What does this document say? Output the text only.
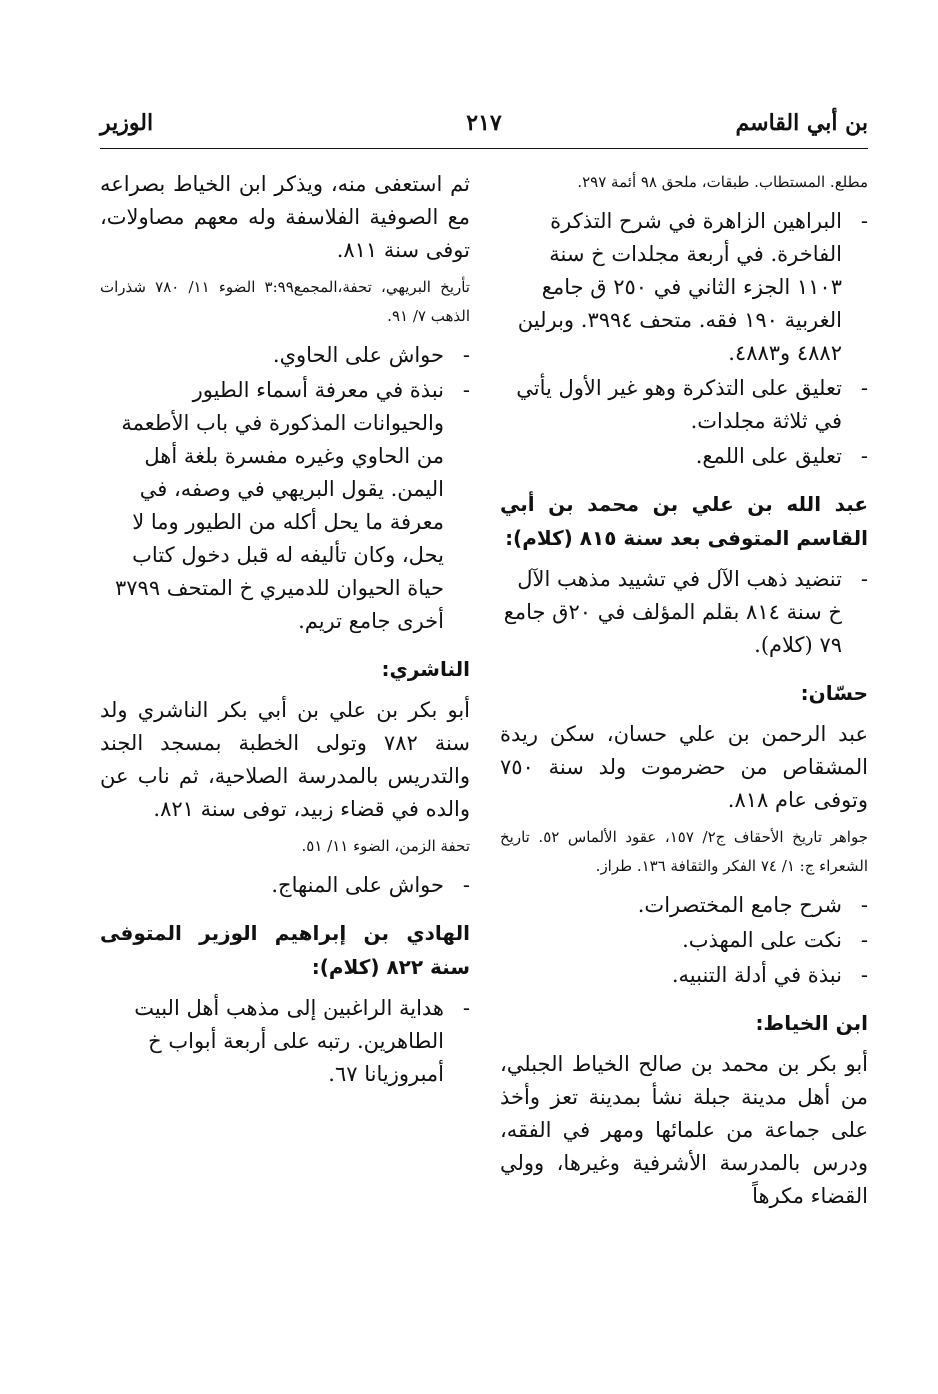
بن أبي القاسم
٢١٧
الوزير

مطلع. المستطاب. طبقات، ملحق ٩٨ أئمة ٢٩٧.

-
البراهين الزاهرة في شرح التذكرة الفاخرة. في أربعة مجلدات خ سنة ١١٠٣ الجزء الثاني في ٢٥٠ ق جامع الغربية ١٩٠ فقه. متحف ٣٩٩٤. وبرلين ٤٨٨٢ و٤٨٨٣.
-
تعليق على التذكرة وهو غير الأول يأتي في ثلاثة مجلدات.
-
تعليق على اللمع.
عبد الله بن علي بن محمد بن أبي القاسم المتوفى بعد سنة ٨١٥ (كلام):
-
تنضيد ذهب الآل في تشييد مذهب الآل خ سنة ٨١٤ بقلم المؤلف في ٢٠ق جامع ٧٩ (كلام).
حسّان:

عبد الرحمن بن علي حسان، سكن ريدة المشقاص من حضرموت ولد سنة ٧٥٠ وتوفى عام ٨١٨.

جواهر تاريخ الأحقاف ج٢/ ١٥٧، عقود الألماس ٥٢. تاريخ الشعراء ج: ١/ ٧٤ الفكر والثقافة ١٣٦. طراز.

-
شرح جامع المختصرات.
-
نكت على المهذب.
-
نبذة في أدلة التنبيه.
ابن الخياط:

أبو بكر بن محمد بن صالح الخياط الجبلي، من أهل مدينة جبلة نشأ بمدينة تعز وأخذ على جماعة من علمائها ومهر في الفقه، ودرس بالمدرسة الأشرفية وغيرها، وولي القضاء مكرهاً

ثم استعفى منه، ويذكر ابن الخياط بصراعه مع الصوفية الفلاسفة وله معهم مصاولات، توفى سنة ٨١١.

تأريخ البريهي، تحفة،المجمع٣:٩٩ الضوء ١١/ ٧٨٠ شذرات الذهب ٧/ ٩١.

-
حواش على الحاوي.
-
نبذة في معرفة أسماء الطيور والحيوانات المذكورة في باب الأطعمة من الحاوي وغيره مفسرة بلغة أهل اليمن. يقول البريهي في وصفه، في معرفة ما يحل أكله من الطيور وما لا يحل، وكان تأليفه له قبل دخول كتاب حياة الحيوان للدميري خ المتحف ٣٧٩٩ أخرى جامع تريم.
الناشري:

أبو بكر بن علي بن أبي بكر الناشري ولد سنة ٧٨٢ وتولى الخطبة بمسجد الجند والتدريس بالمدرسة الصلاحية، ثم ناب عن والده في قضاء زبيد، توفى سنة ٨٢١.

تحفة الزمن، الضوء ١١/ ٥١.

-
حواش على المنهاج.
الهادي بن إبراهيم الوزير المتوفى سنة ٨٢٢ (كلام):
-
هداية الراغبين إلى مذهب أهل البيت الطاهرين. رتبه على أربعة أبواب خ أمبروزيانا ٦٧.
